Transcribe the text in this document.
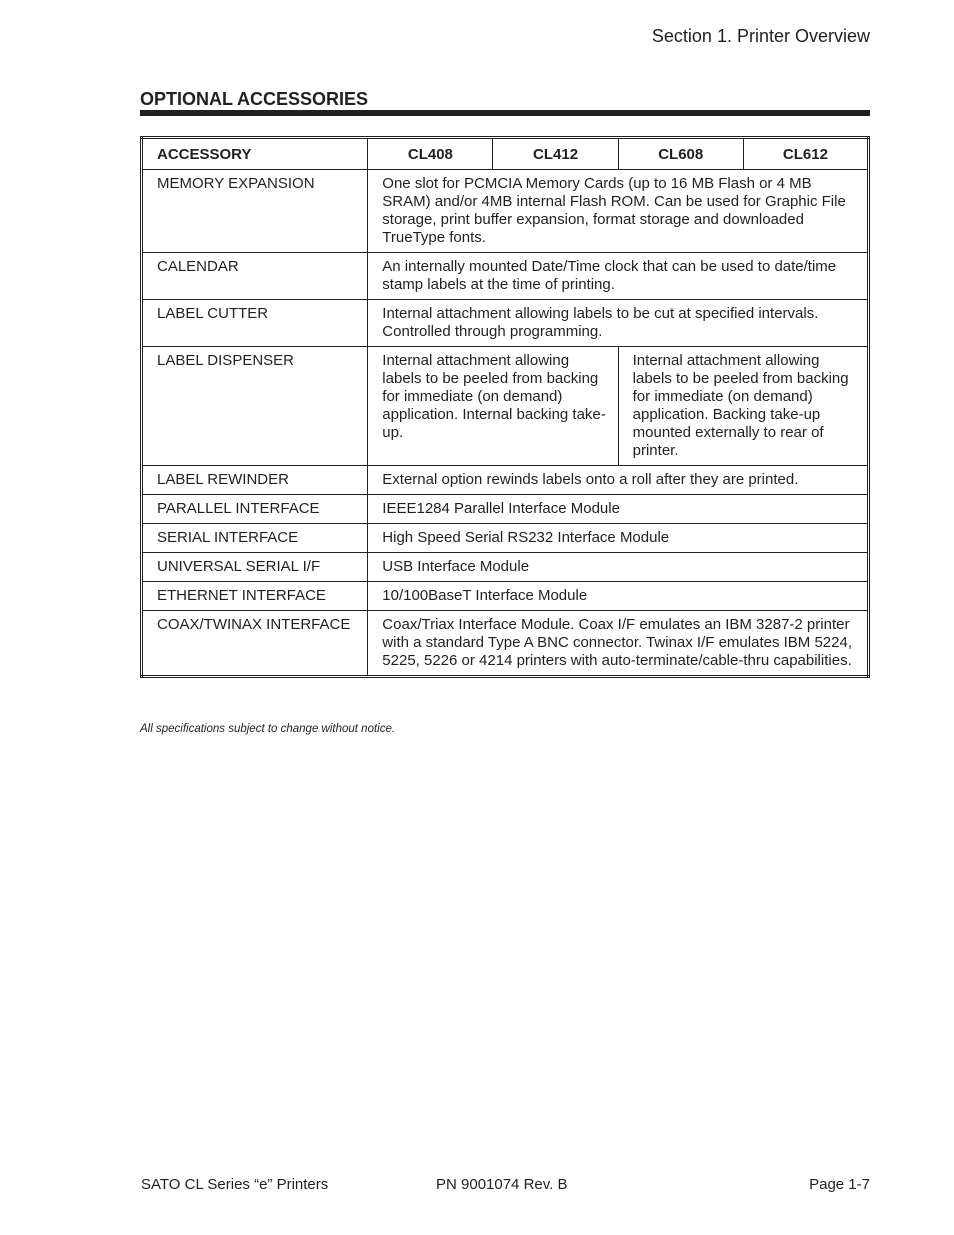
Section 1. Printer Overview
OPTIONAL ACCESSORIES
ACCESSORY	CL408	CL412	CL608	CL612
MEMORY EXPANSION	One slot for PCMCIA Memory Cards (up to 16 MB Flash or 4 MB SRAM) and/or 4MB internal Flash ROM. Can be used for Graphic File storage, print buffer expansion, format storage and downloaded TrueType fonts.			
CALENDAR	An internally mounted Date/Time clock that can be used to date/time stamp labels at the time of printing.			
LABEL CUTTER	Internal attachment allowing labels to be cut at specified intervals. Controlled through programming.			
LABEL DISPENSER	Internal attachment allowing labels to be peeled from backing for immediate (on demand) application. Internal backing take-up.		Internal attachment allowing labels to be peeled from backing for immediate (on demand) application. Backing take-up mounted externally to rear of printer.	
LABEL REWINDER	External option rewinds labels onto a roll after they are printed.			
PARALLEL INTERFACE	IEEE1284 Parallel Interface Module			
SERIAL INTERFACE	High Speed Serial RS232 Interface Module			
UNIVERSAL SERIAL I/F	USB Interface Module			
ETHERNET INTERFACE	10/100BaseT Interface Module			
COAX/TWINAX INTERFACE	Coax/Triax Interface Module. Coax I/F emulates an IBM 3287-2 printer with a standard Type A BNC connector. Twinax I/F emulates IBM 5224, 5225, 5226 or 4214 printers with auto-terminate/cable-thru capabilities.			
All specifications subject to change without notice.
SATO CL Series “e” Printers	PN 9001074 Rev. B	Page 1-7
